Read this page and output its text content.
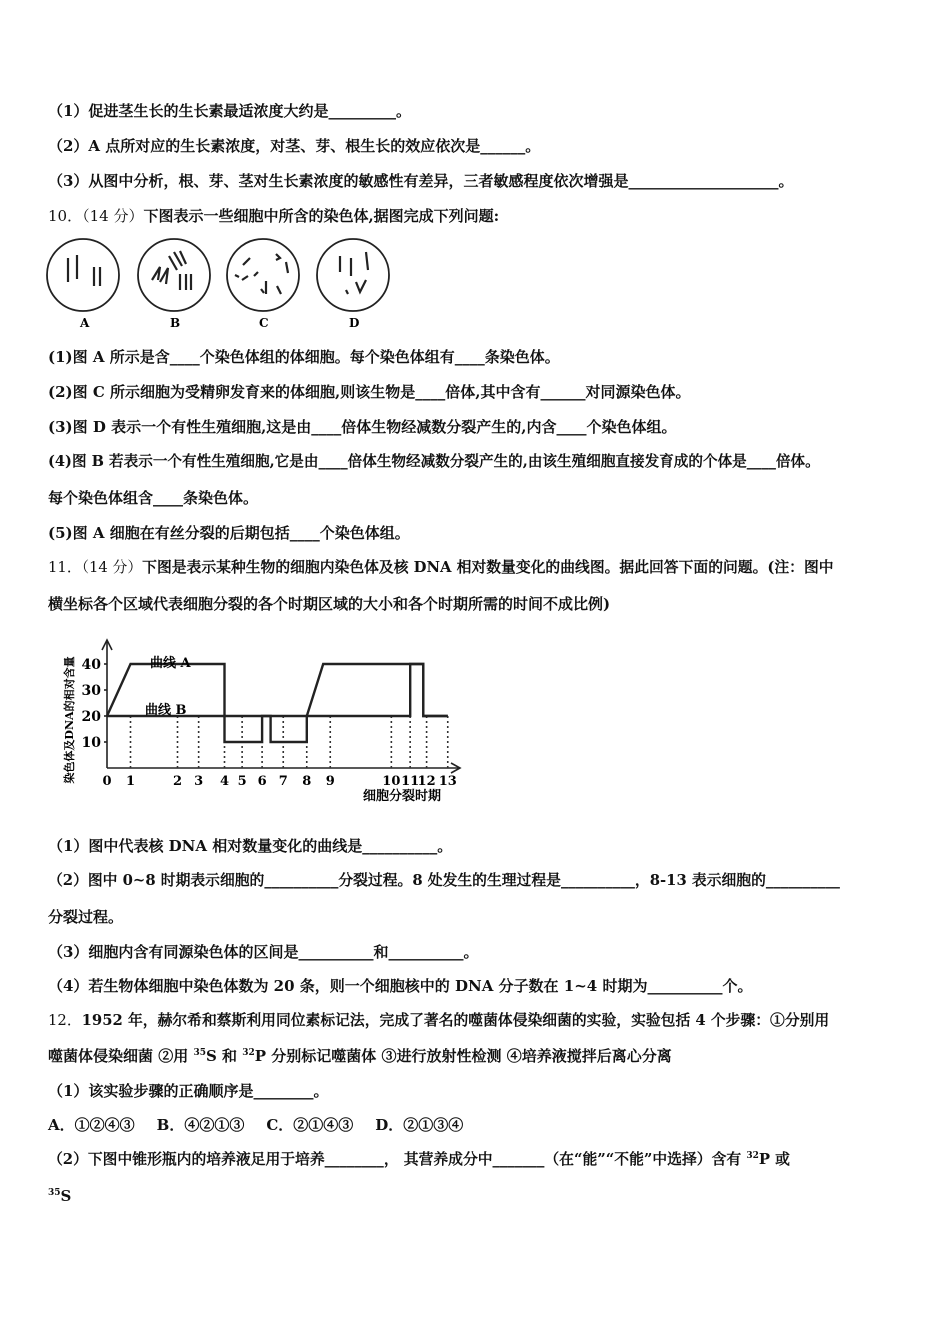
（1）促进茎生长的生长素最适浓度大约是_________。
（2）A 点所对应的生长素浓度，对茎、芽、根生长的效应依次是______。
（3）从图中分析，根、芽、茎对生长素浓度的敏感性有差异，三者敏感程度依次增强是____________________。
10．（14 分）下图表示一些细胞中所含的染色体,据图完成下列问题:
A	B	C	D
(1)图 A 所示是含____个染色体组的体细胞。每个染色体组有____条染色体。
(2)图 C 所示细胞为受精卵发育来的体细胞,则该生物是____倍体,其中含有______对同源染色体。
(3)图 D 表示一个有性生殖细胞,这是由____倍体生物经减数分裂产生的,内含____个染色体组。
(4)图 B 若表示一个有性生殖细胞,它是由____倍体生物经减数分裂产生的,由该生殖细胞直接发育成的个体是____倍体。
每个染色体组含____条染色体。
(5)图 A 细胞在有丝分裂的后期包括____个染色体组。
11．（14 分）下图是表示某种生物的细胞内染色体及核 DNA 相对数量变化的曲线图。据此回答下面的问题。(注：图中
横坐标各个区域代表细胞分裂的各个时期区域的大小和各个时期所需的时间不成比例)
染色体及DNA的相对含量 10
20
30
40
0 1	2 3 4 5 6 7 8 9	10 11
12 13
曲线 A
曲线 B
细胞分裂时期
（1）图中代表核 DNA 相对数量变化的曲线是__________。
（2）图中 0~8 时期表示细胞的__________分裂过程。8 处发生的生理过程是__________，8-13 表示细胞的__________
分裂过程。
（3）细胞内含有同源染色体的区间是__________和__________。
（4）若生物体细胞中染色体数为 20 条，则一个细胞核中的 DNA 分子数在 1~4 时期为__________个。
12．1952 年，赫尔希和蔡斯利用同位素标记法，完成了著名的噬菌体侵染细菌的实验，实验包括 4 个步骤：①分别用
噬菌体侵染细菌 ②用 $^{35}$S 和 $^{32}$P 分别标记噬菌体 ③进行放射性检测 ④培养液搅拌后离心分离
（1）该实验步骤的正确顺序是________。
A．①②④③ B．④②①③ C．②①④③ D．②①③④
（2）下图中锥形瓶内的培养液足用于培养________， 其营养成分中_______（在“能”“不能”中选择）含有 $^{32}$P 或
$^{35}$S
